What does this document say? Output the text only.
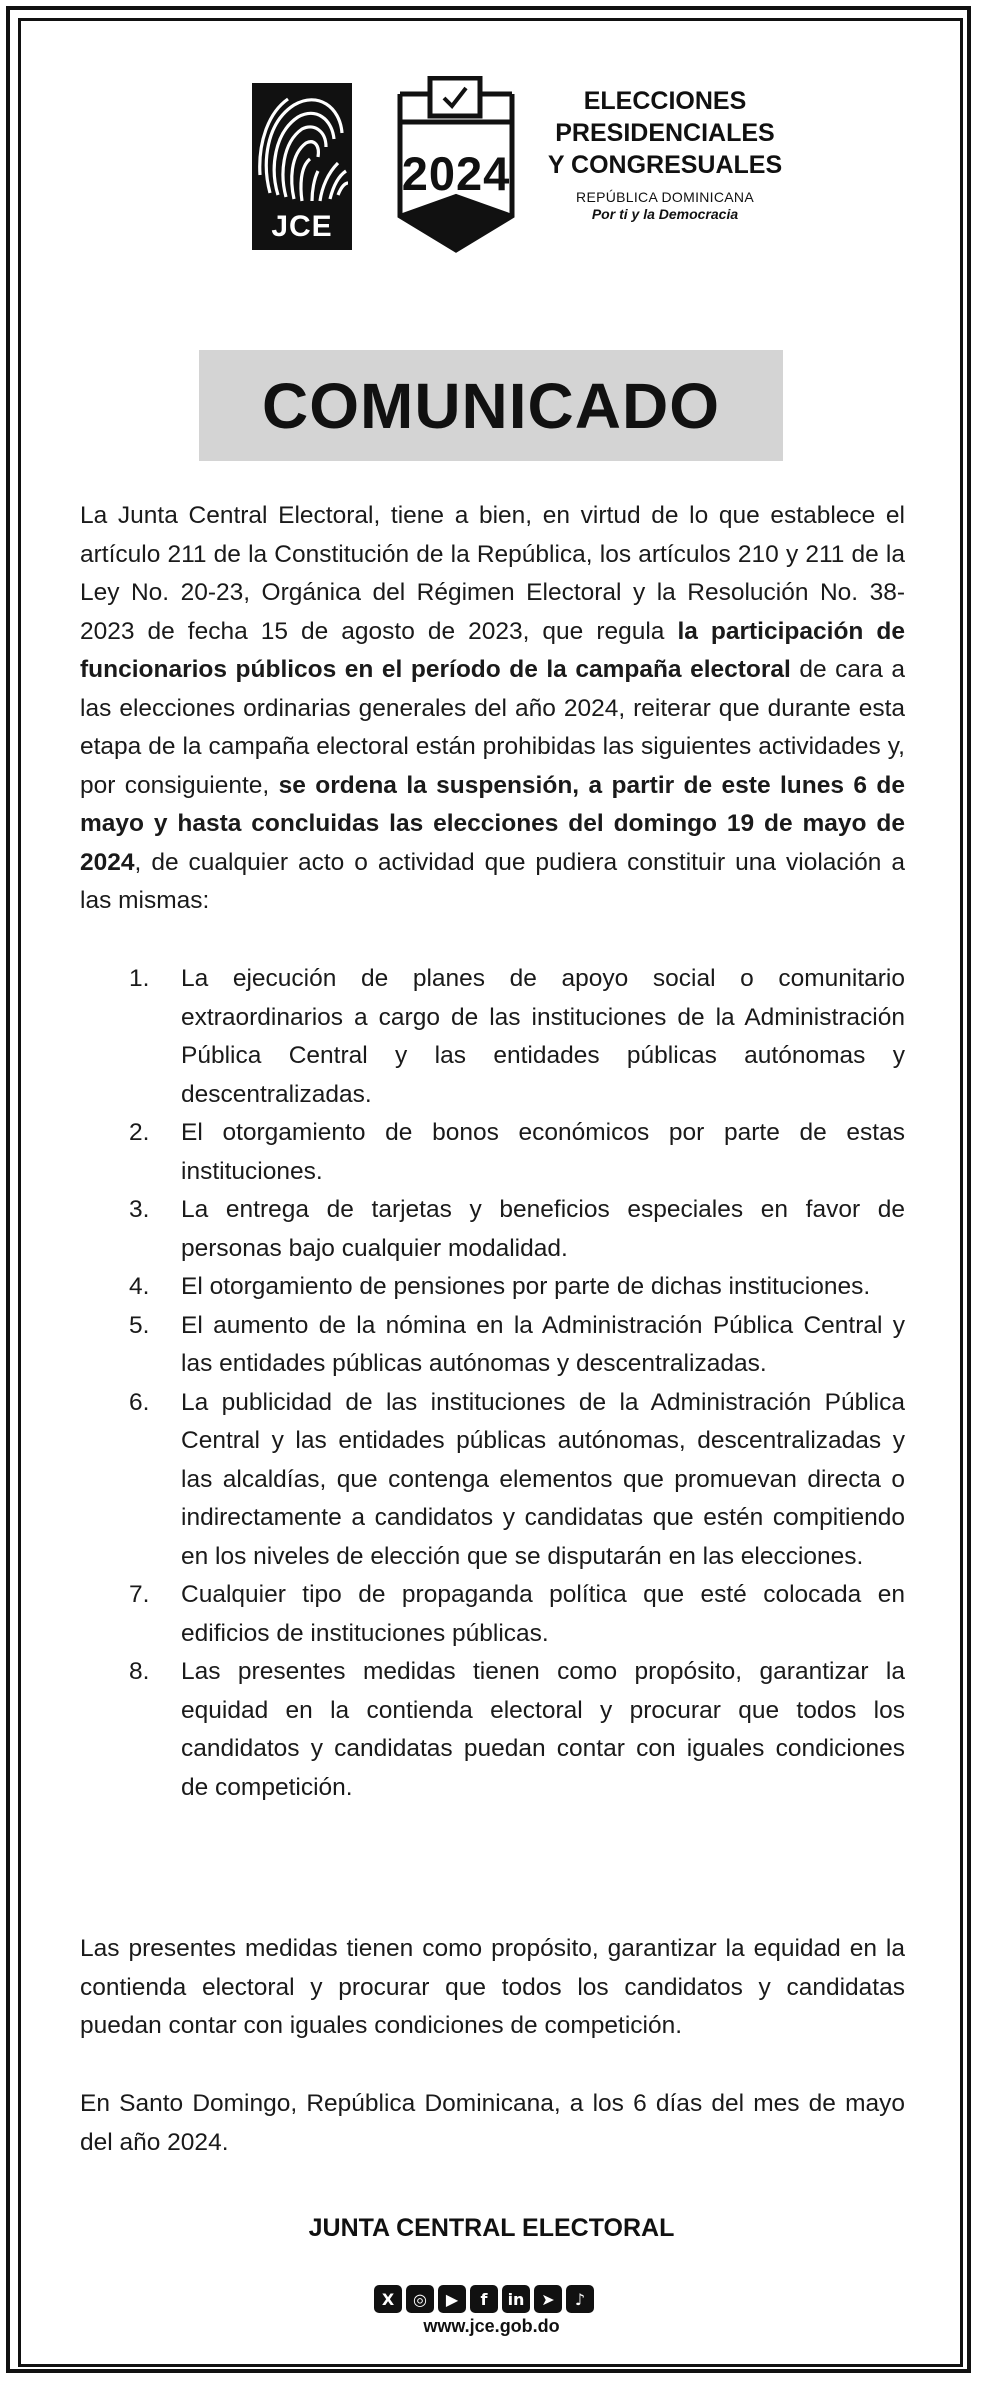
JCE
2024
ELECCIONES
PRESIDENCIALES
Y CONGRESUALES
REPÚBLICA DOMINICANA
Por ti y la Democracia
COMUNICADO
La Junta Central Electoral, tiene a bien, en virtud de lo que establece el artículo 211 de la Constitución de la República, los artículos 210 y 211 de la Ley No. 20-23, Orgánica del Régimen Electoral y la Resolución No. 38-2023 de fecha 15 de agosto de 2023, que regula la participación de funcionarios públicos en el período de la campaña electoral de cara a las elecciones ordinarias generales del año 2024, reiterar que durante esta etapa de la campaña electoral están prohibidas las siguientes actividades y, por consiguiente, se ordena la suspensión, a partir de este lunes 6 de mayo y hasta concluidas las elecciones del domingo 19 de mayo de 2024, de cualquier acto o actividad que pudiera constituir una violación a las mismas:
1. La ejecución de planes de apoyo social o comunitario extraordinarios a cargo de las instituciones de la Administración Pública Central y las entidades públicas autónomas y descentralizadas.
2. El otorgamiento de bonos económicos por parte de estas instituciones.
3. La entrega de tarjetas y beneficios especiales en favor de personas bajo cualquier modalidad.
4. El otorgamiento de pensiones por parte de dichas instituciones.
5. El aumento de la nómina en la Administración Pública Central y las entidades públicas autónomas y descentralizadas.
6. La publicidad de las instituciones de la Administración Pública Central y las entidades públicas autónomas, descentralizadas y las alcaldías, que contenga elementos que promuevan directa o indirectamente a candidatos y candidatas que estén compitiendo en los niveles de elección que se disputarán en las elecciones.
7. Cualquier tipo de propaganda política que esté colocada en edificios de instituciones públicas.
8. Las presentes medidas tienen como propósito, garantizar la equidad en la contienda electoral y procurar que todos los candidatos y candidatas puedan contar con iguales condiciones de competición.
Las presentes medidas tienen como propósito, garantizar la equidad en la contienda electoral y procurar que todos los candidatos y candidatas puedan contar con iguales condiciones de competición.
En Santo Domingo, República Dominicana, a los 6 días del mes de mayo del año 2024.
JUNTA CENTRAL ELECTORAL
X	◎	▶	f	in	➤	♪
www.jce.gob.do
